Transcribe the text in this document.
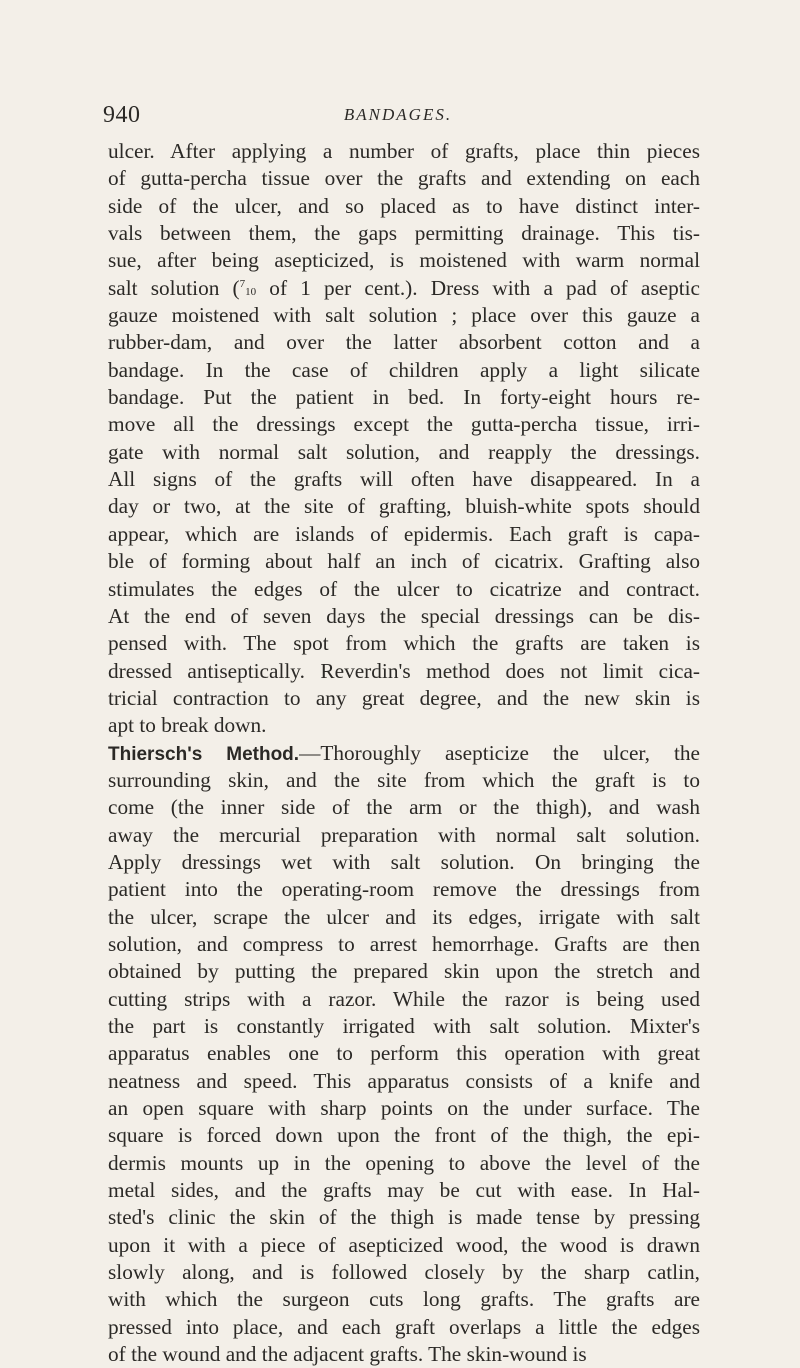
940	BANDAGES.
ulcer. After applying a number of grafts, place thin pieces
of gutta-percha tissue over the grafts and extending on each
side of the ulcer, and so placed as to have distinct inter-
vals between them, the gaps permitting drainage. This tis-
sue, after being asepticized, is moistened with warm normal
salt solution (710 of 1 per cent.). Dress with a pad of aseptic
gauze moistened with salt solution ; place over this gauze a
rubber-dam, and over the latter absorbent cotton and a
bandage. In the case of children apply a light silicate
bandage. Put the patient in bed. In forty-eight hours re-
move all the dressings except the gutta-percha tissue, irri-
gate with normal salt solution, and reapply the dressings.
All signs of the grafts will often have disappeared. In a
day or two, at the site of grafting, bluish-white spots should
appear, which are islands of epidermis. Each graft is capa-
ble of forming about half an inch of cicatrix. Grafting also
stimulates the edges of the ulcer to cicatrize and contract.
At the end of seven days the special dressings can be dis-
pensed with. The spot from which the grafts are taken is
dressed antiseptically. Reverdin's method does not limit cica-
tricial contraction to any great degree, and the new skin is
apt to break down.
Thiersch's Method.—Thoroughly asepticize the ulcer, the
surrounding skin, and the site from which the graft is to
come (the inner side of the arm or the thigh), and wash
away the mercurial preparation with normal salt solution.
Apply dressings wet with salt solution. On bringing the
patient into the operating-room remove the dressings from
the ulcer, scrape the ulcer and its edges, irrigate with salt
solution, and compress to arrest hemorrhage. Grafts are then
obtained by putting the prepared skin upon the stretch and
cutting strips with a razor. While the razor is being used
the part is constantly irrigated with salt solution. Mixter's
apparatus enables one to perform this operation with great
neatness and speed. This apparatus consists of a knife and
an open square with sharp points on the under surface. The
square is forced down upon the front of the thigh, the epi-
dermis mounts up in the opening to above the level of the
metal sides, and the grafts may be cut with ease. In Hal-
sted's clinic the skin of the thigh is made tense by pressing
upon it with a piece of asepticized wood, the wood is drawn
slowly along, and is followed closely by the sharp catlin,
with which the surgeon cuts long grafts. The grafts are
pressed into place, and each graft overlaps a little the edges
of the wound and the adjacent grafts. The skin-wound is
